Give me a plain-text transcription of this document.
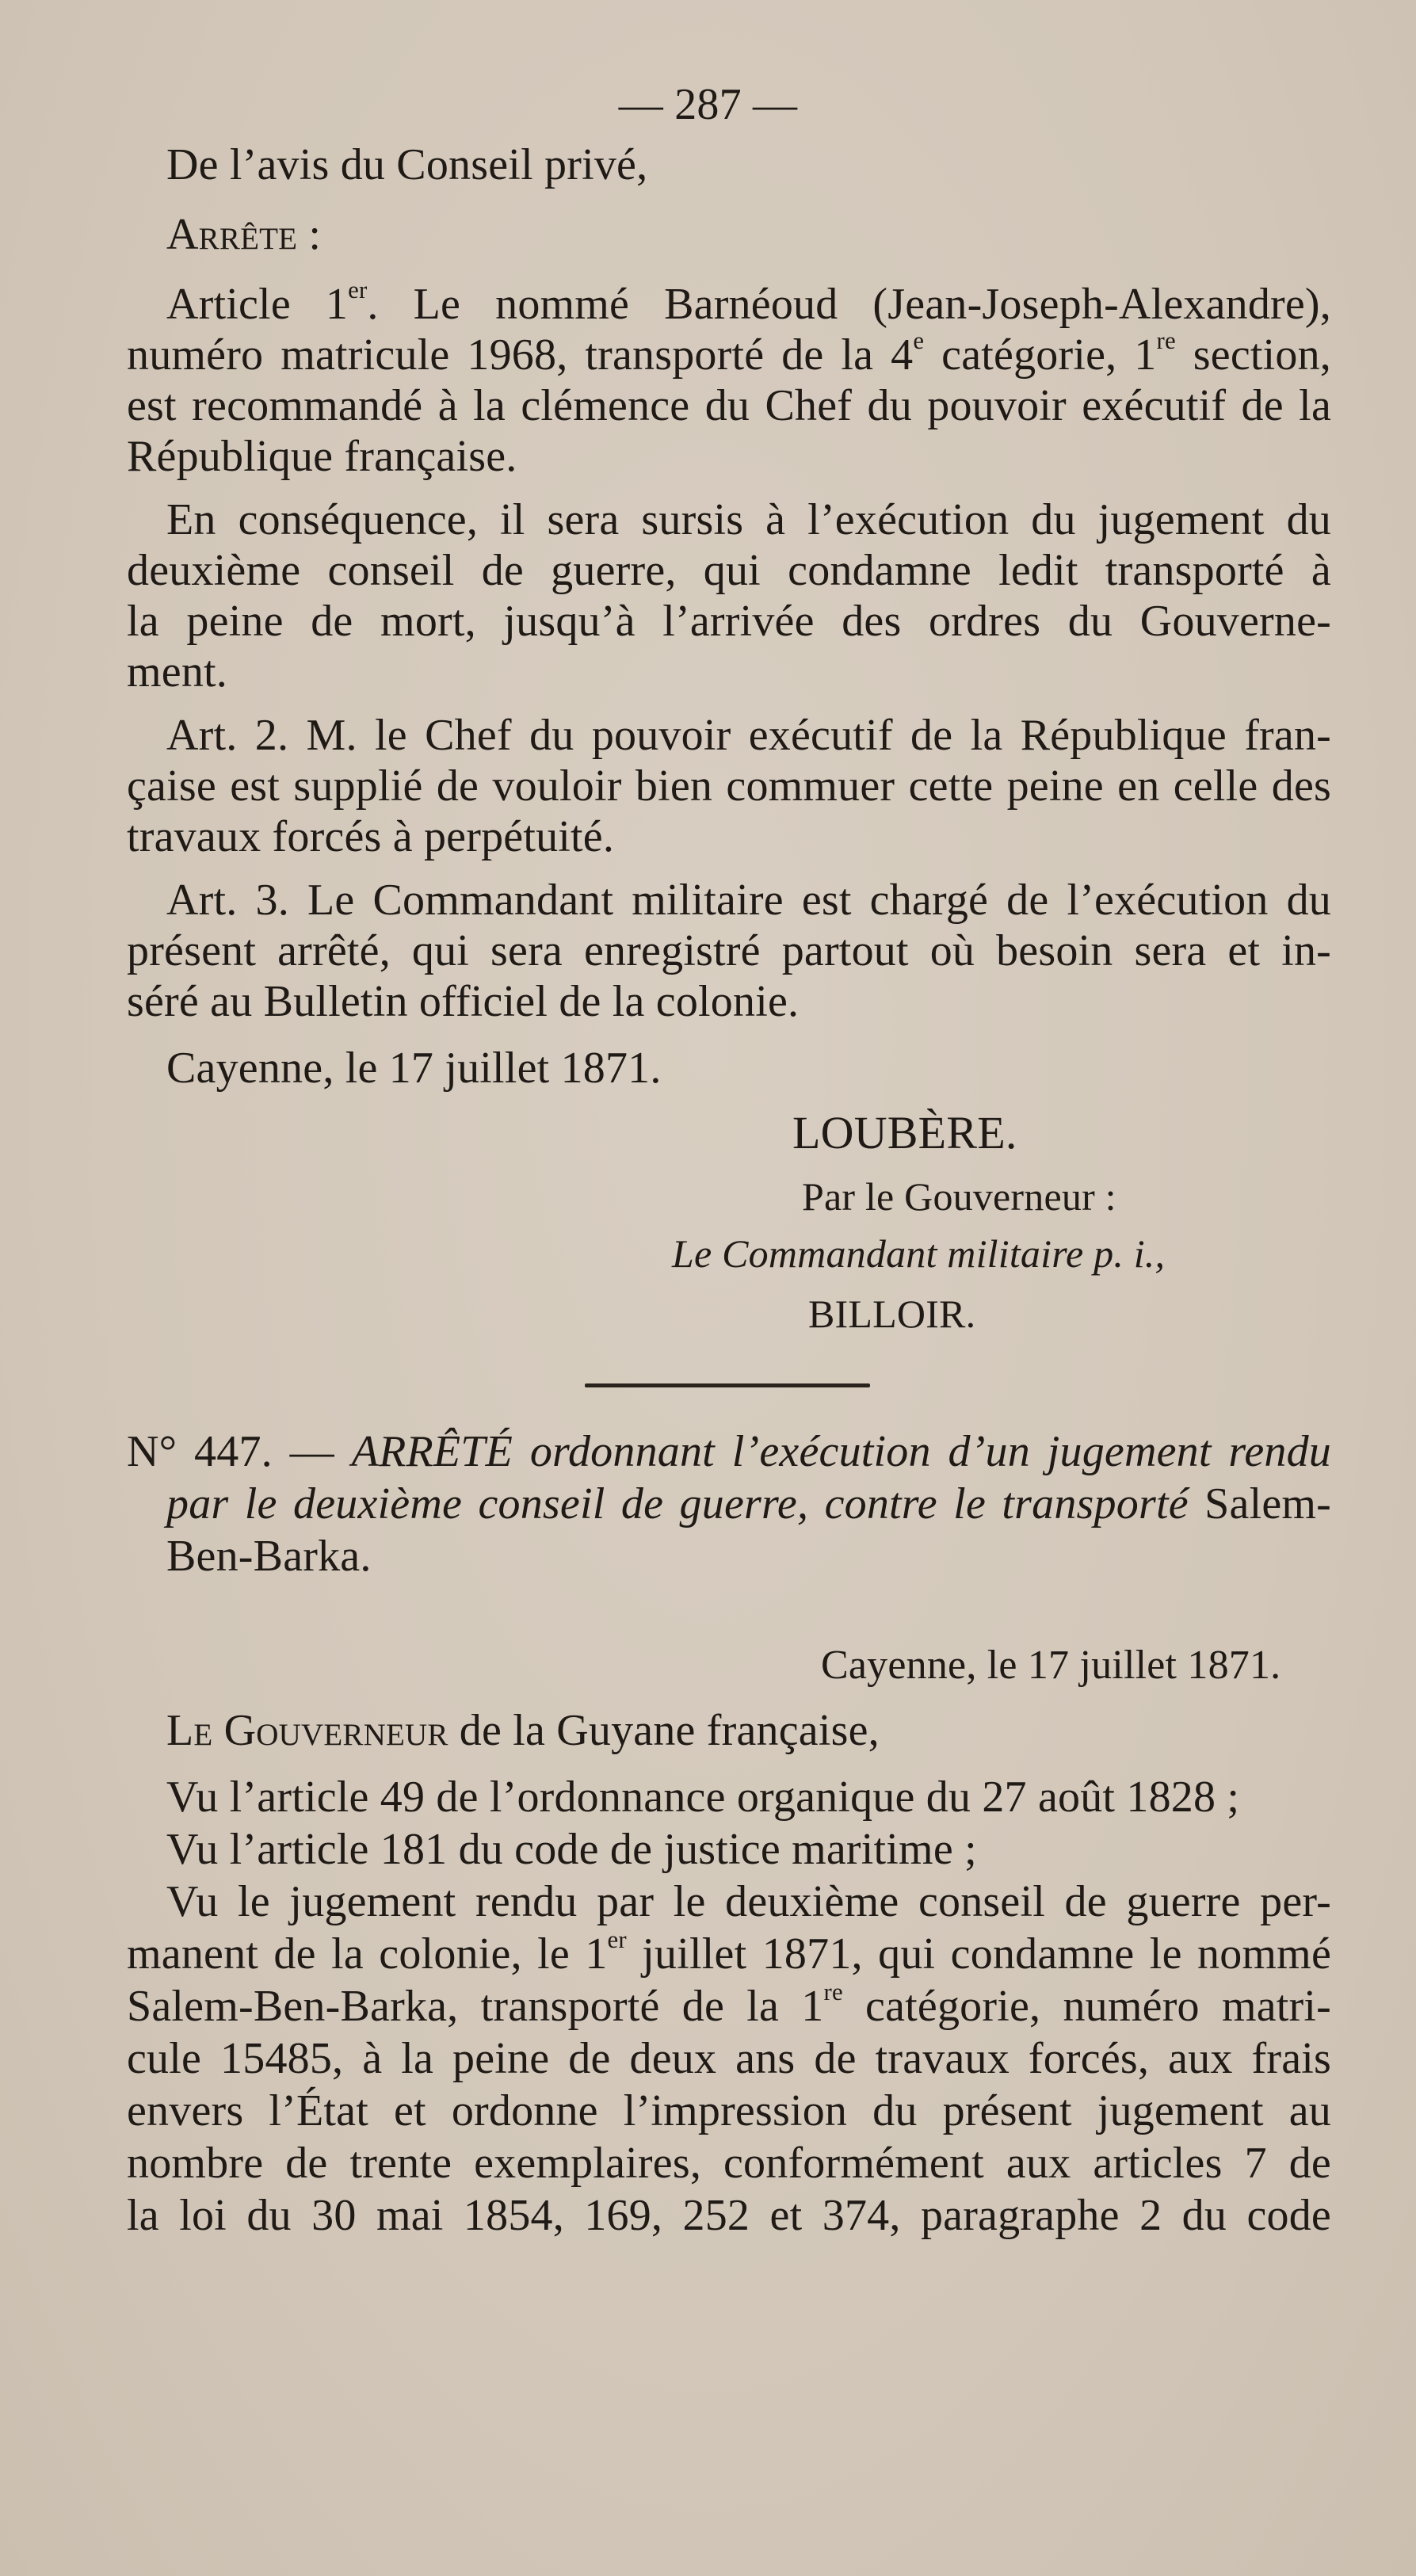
— 287 —
De l’avis du Conseil privé,
Arrête :
Article 1er. Le nommé Barnéoud (Jean-Joseph-Alexandre),
numéro matricule 1968, transporté de la 4e catégorie, 1re section,
est recommandé à la clémence du Chef du pouvoir exécutif de la
République française.
En conséquence, il sera sursis à l’exécution du jugement du
deuxième conseil de guerre, qui condamne ledit transporté à
la peine de mort, jusqu’à l’arrivée des ordres du Gouverne-
ment.
Art. 2. M. le Chef du pouvoir exécutif de la République fran-
çaise est supplié de vouloir bien commuer cette peine en celle des
travaux forcés à perpétuité.
Art. 3. Le Commandant militaire est chargé de l’exécution du
présent arrêté, qui sera enregistré partout où besoin sera et in-
séré au Bulletin officiel de la colonie.
Cayenne, le 17 juillet 1871.
LOUBÈRE.
Par le Gouverneur :
Le Commandant militaire p. i.,
BILLOIR.
N° 447. — ARRÊTÉ ordonnant l’exécution d’un jugement rendu
par le deuxième conseil de guerre, contre le transporté Salem-
Ben-Barka.
Cayenne, le 17 juillet 1871.
Le Gouverneur de la Guyane française,
Vu l’article 49 de l’ordonnance organique du 27 août 1828 ;
Vu l’article 181 du code de justice maritime ;
Vu le jugement rendu par le deuxième conseil de guerre per-
manent de la colonie, le 1er juillet 1871, qui condamne le nommé
Salem-Ben-Barka, transporté de la 1re catégorie, numéro matri-
cule 15485, à la peine de deux ans de travaux forcés, aux frais
envers l’État et ordonne l’impression du présent jugement au
nombre de trente exemplaires, conformément aux articles 7 de
la loi du 30 mai 1854, 169, 252 et 374, paragraphe 2 du code
